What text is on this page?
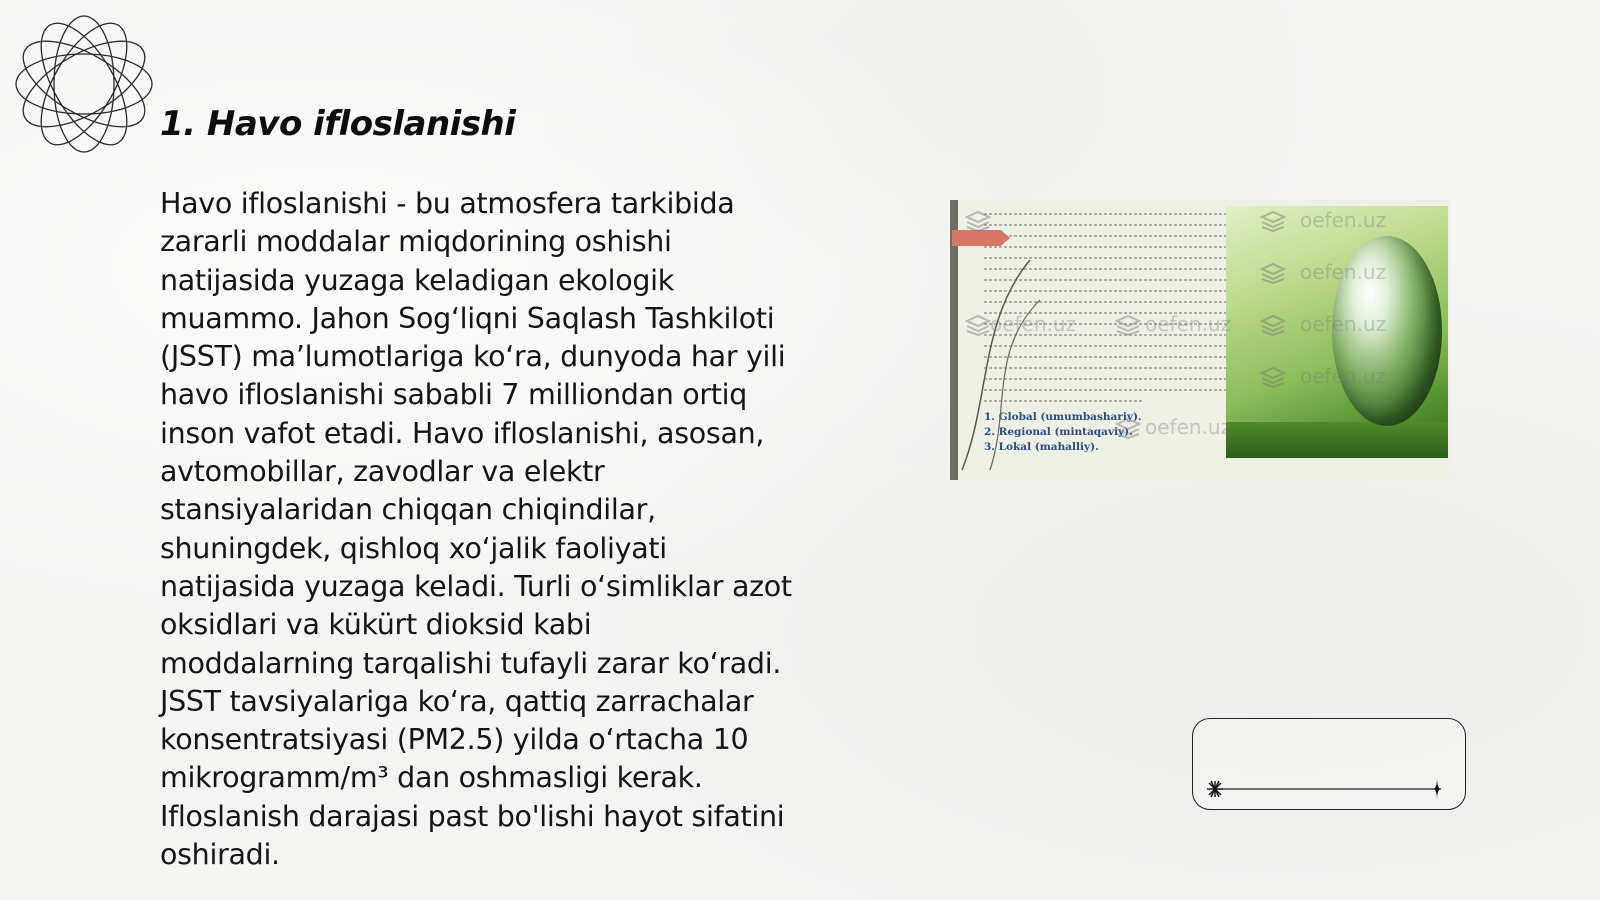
1. Havo ifloslanishi

Havo ifloslanishi - bu atmosfera tarkibida
zararli moddalar miqdorining oshishi
natijasida yuzaga keladigan ekologik
muammo. Jahon Sog‘liqni Saqlash Tashkiloti
(JSST) ma’lumotlariga ko‘ra, dunyoda har yili
havo ifloslanishi sababli 7 milliondan ortiq
inson vafot etadi. Havo ifloslanishi, asosan,
avtomobillar, zavodlar va elektr
stansiyalaridan chiqqan chiqindilar,
shuningdek, qishloq xo‘jalik faoliyati
natijasida yuzaga keladi. Turli o‘simliklar azot
oksidlari va kükürt dioksid kabi
moddalarning tarqalishi tufayli zarar ko‘radi.
JSST tavsiyalariga ko‘ra, qattiq zarrachalar
konsentratsiyasi (PM2.5) yilda o‘rtacha 10
mikrogramm/m³ dan oshmasligi kerak.
Ifloslanish darajasi past bo'lishi hayot sifatini
oshiradi.

1. Global (umumbashariy).
2. Regional (mintaqaviy).
3. Lokal (mahalliy).
oefen.uz
oefen.uz
oefen.uz
oefen.uz
oefen.uz	oefen.uz
oefen.uz
